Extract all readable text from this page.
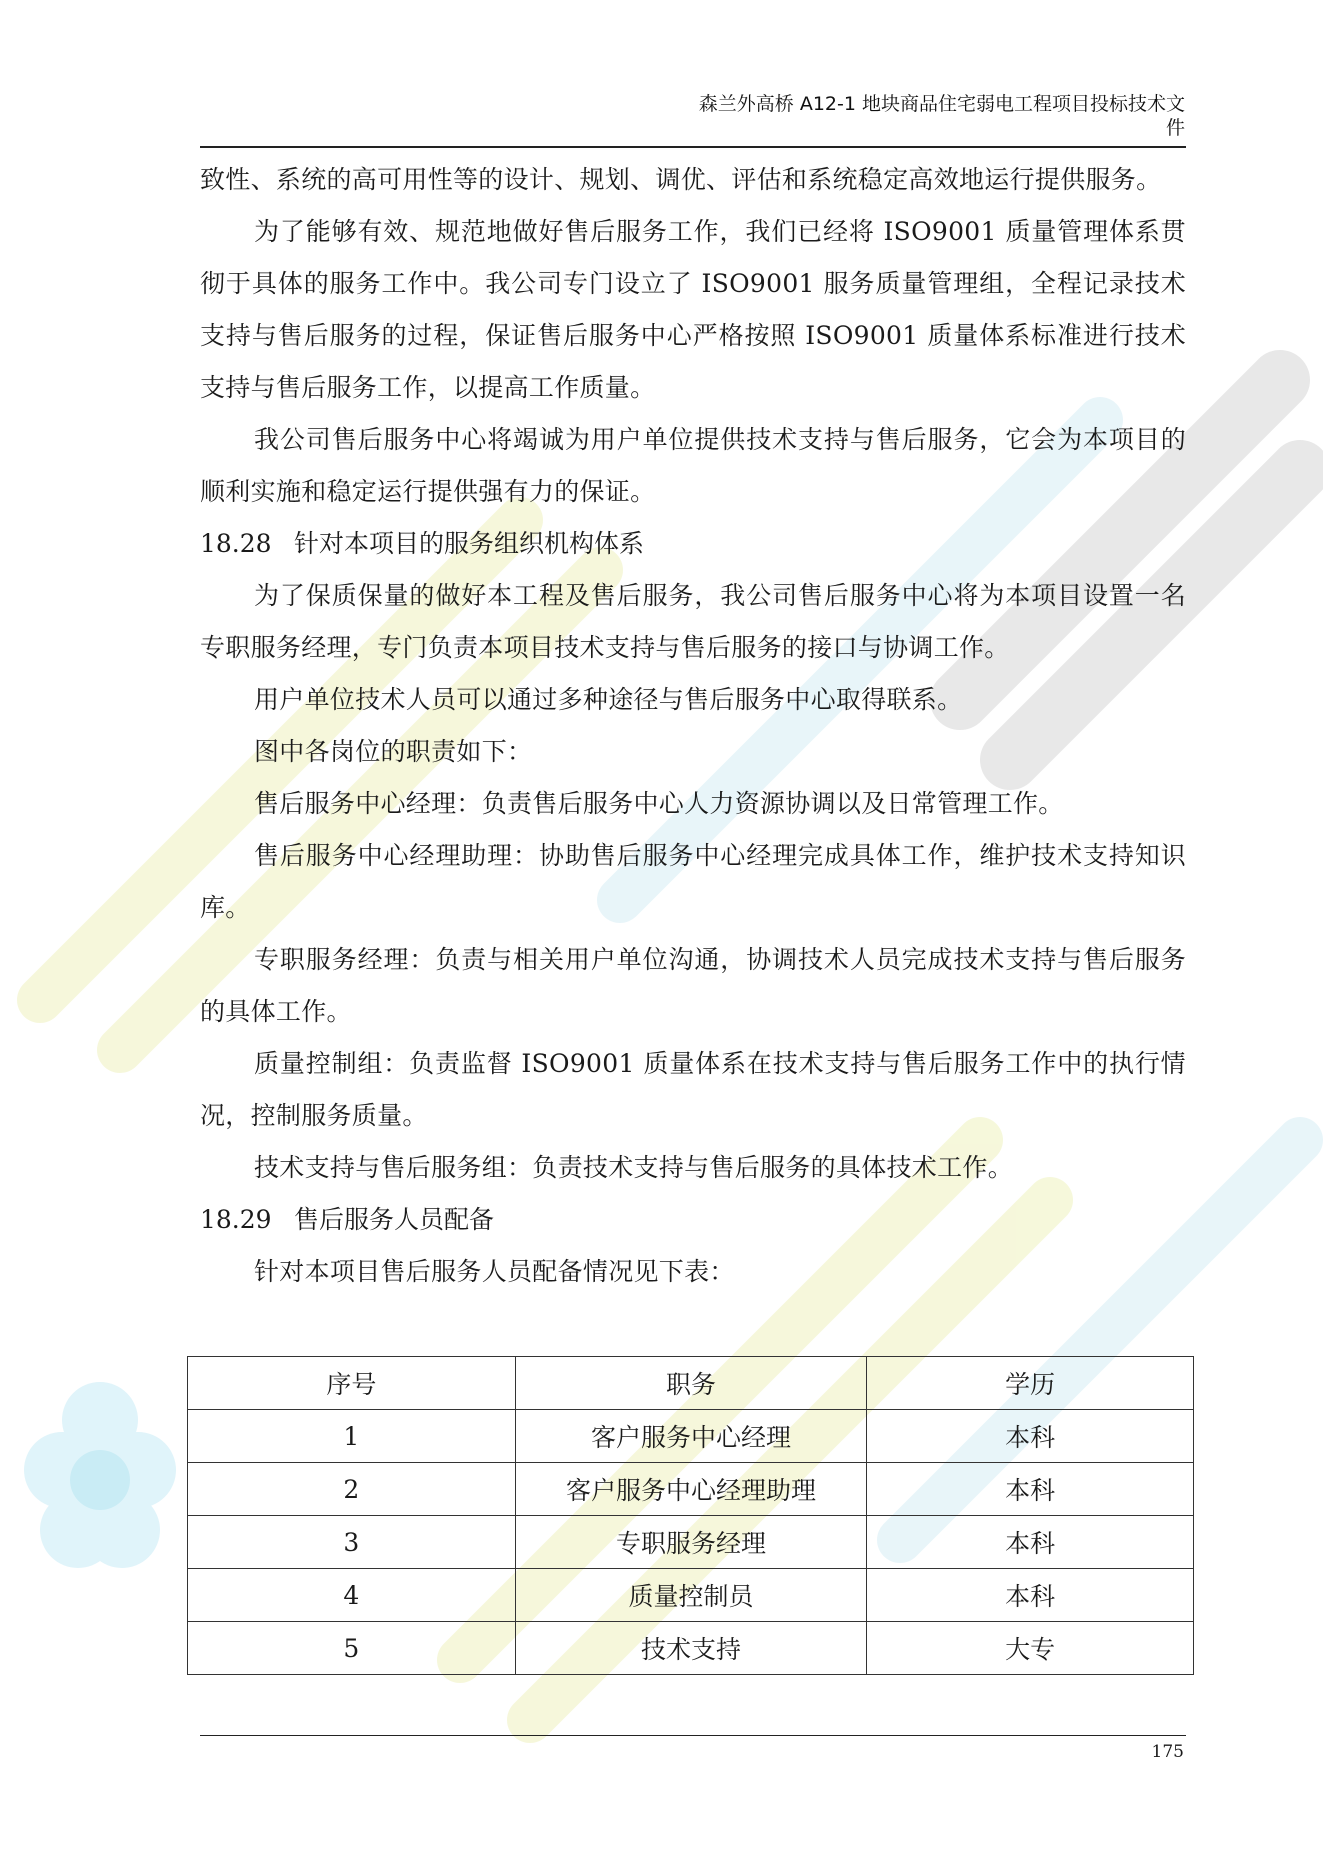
森兰外高桥 A12-1 地块商品住宅弱电工程项目投标技术文
件

致性、系统的高可用性等的设计、规划、调优、评估和系统稳定高效地运行提供服务。

为了能够有效、规范地做好售后服务工作，我们已经将 ISO9001 质量管理体系贯彻于具体的服务工作中。我公司专门设立了 ISO9001 服务质量管理组，全程记录技术支持与售后服务的过程，保证售后服务中心严格按照 ISO9001 质量体系标准进行技术支持与售后服务工作，以提高工作质量。

我公司售后服务中心将竭诚为用户单位提供技术支持与售后服务，它会为本项目的顺利实施和稳定运行提供强有力的保证。

18.28 针对本项目的服务组织机构体系

为了保质保量的做好本工程及售后服务，我公司售后服务中心将为本项目设置一名专职服务经理，专门负责本项目技术支持与售后服务的接口与协调工作。

用户单位技术人员可以通过多种途径与售后服务中心取得联系。

图中各岗位的职责如下：

售后服务中心经理：负责售后服务中心人力资源协调以及日常管理工作。

售后服务中心经理助理：协助售后服务中心经理完成具体工作，维护技术支持知识库。

专职服务经理：负责与相关用户单位沟通，协调技术人员完成技术支持与售后服务的具体工作。

质量控制组：负责监督 ISO9001 质量体系在技术支持与售后服务工作中的执行情况，控制服务质量。

技术支持与售后服务组：负责技术支持与售后服务的具体技术工作。

18.29 售后服务人员配备

针对本项目售后服务人员配备情况见下表：

序号	职务	学历
1	客户服务中心经理	本科
2	客户服务中心经理助理	本科
3	专职服务经理	本科
4	质量控制员	本科
5	技术支持	大专
175
